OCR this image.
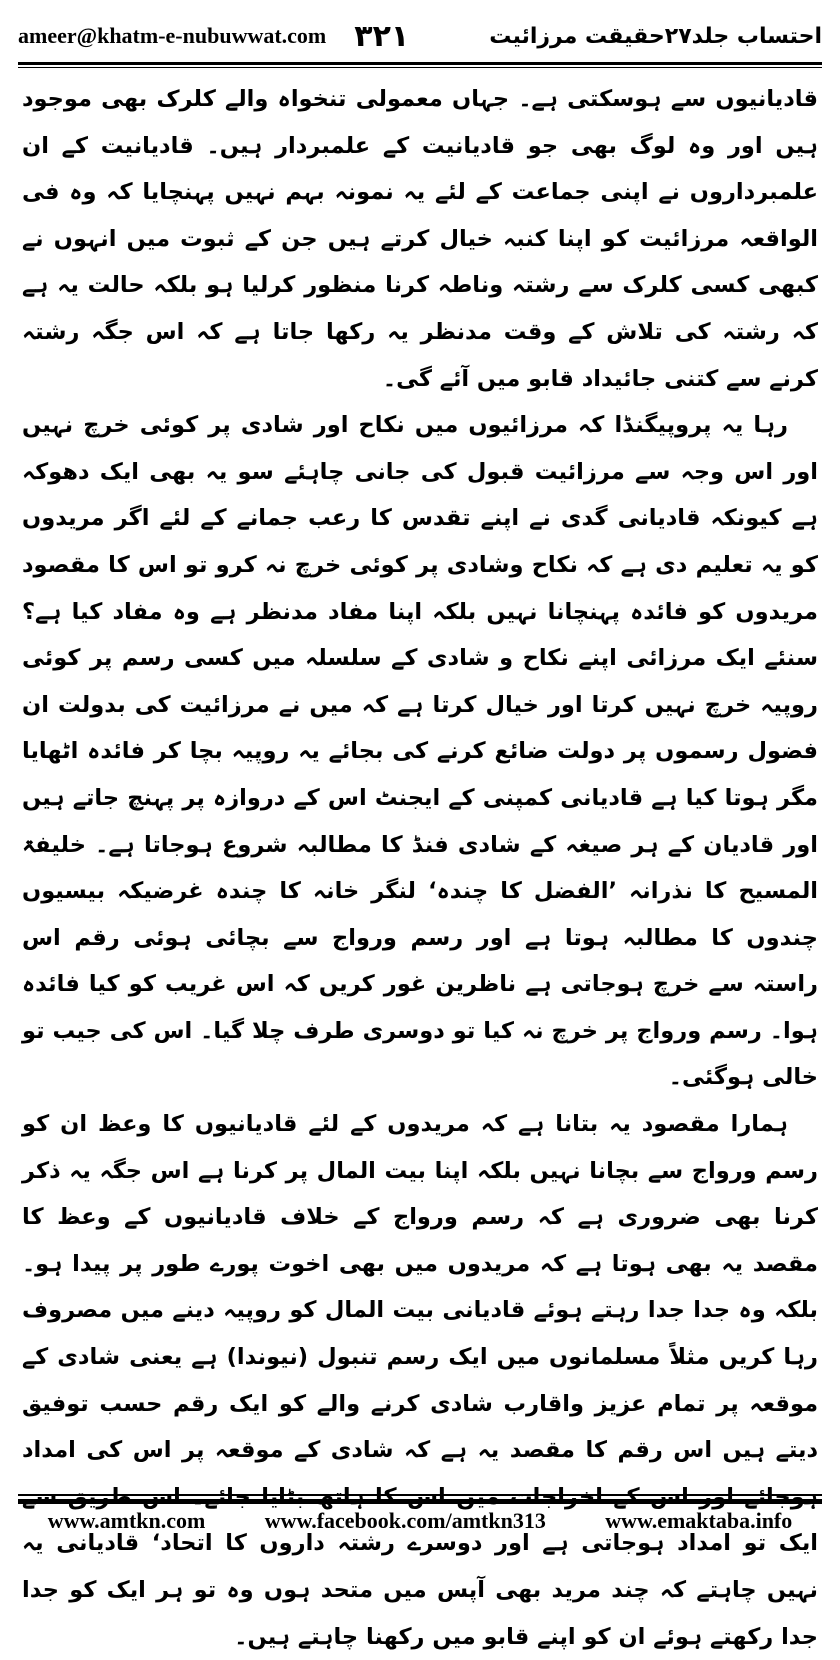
ameer@khatm-e-nubuwwat.com ۳۲۱	احتساب جلد۲۷حقیقت مرزائیت

قادیانیوں سے ہوسکتی ہے۔ جہاں معمولی تنخواہ والے کلرک بھی موجود ہیں اور وہ لوگ بھی جو قادیانیت کے علمبردار ہیں۔ قادیانیت کے ان علمبرداروں نے اپنی جماعت کے لئے یہ نمونہ بہم نہیں پہنچایا کہ وہ فی الواقعہ مرزائیت کو اپنا کنبہ خیال کرتے ہیں جن کے ثبوت میں انہوں نے کبھی کسی کلرک سے رشتہ وناطہ کرنا منظور کرلیا ہو بلکہ حالت یہ ہے کہ رشتہ کی تلاش کے وقت مدنظر یہ رکھا جاتا ہے کہ اس جگہ رشتہ کرنے سے کتنی جائیداد قابو میں آئے گی۔

رہا یہ پروپیگنڈا کہ مرزائیوں میں نکاح اور شادی پر کوئی خرچ نہیں اور اس وجہ سے مرزائیت قبول کی جانی چاہئے سو یہ بھی ایک دھوکہ ہے کیونکہ قادیانی گدی نے اپنے تقدس کا رعب جمانے کے لئے اگر مریدوں کو یہ تعلیم دی ہے کہ نکاح وشادی پر کوئی خرچ نہ کرو تو اس کا مقصود مریدوں کو فائدہ پہنچانا نہیں بلکہ اپنا مفاد مدنظر ہے وہ مفاد کیا ہے؟ سنئے ایک مرزائی اپنے نکاح و شادی کے سلسلہ میں کسی رسم پر کوئی روپیہ خرچ نہیں کرتا اور خیال کرتا ہے کہ میں نے مرزائیت کی بدولت ان فضول رسموں پر دولت ضائع کرنے کی بجائے یہ روپیہ بچا کر فائدہ اٹھایا مگر ہوتا کیا ہے قادیانی کمپنی کے ایجنٹ اس کے دروازہ پر پہنچ جاتے ہیں اور قادیان کے ہر صیغہ کے شادی فنڈ کا مطالبہ شروع ہوجاتا ہے۔ خلیفۃ المسیح کا نذرانہ ’الفضل کا چندہ‘ لنگر خانہ کا چندہ غرضیکہ بیسیوں چندوں کا مطالبہ ہوتا ہے اور رسم ورواج سے بچائی ہوئی رقم اس راستہ سے خرچ ہوجاتی ہے ناظرین غور کریں کہ اس غریب کو کیا فائدہ ہوا۔ رسم ورواج پر خرچ نہ کیا تو دوسری طرف چلا گیا۔ اس کی جیب تو خالی ہوگئی۔

ہمارا مقصود یہ بتانا ہے کہ مریدوں کے لئے قادیانیوں کا وعظ ان کو رسم ورواج سے بچانا نہیں بلکہ اپنا بیت المال پر کرنا ہے اس جگہ یہ ذکر کرنا بھی ضروری ہے کہ رسم ورواج کے خلاف قادیانیوں کے وعظ کا مقصد یہ بھی ہوتا ہے کہ مریدوں میں بھی اخوت پورے طور پر پیدا ہو۔ بلکہ وہ جدا جدا رہتے ہوئے قادیانی بیت المال کو روپیہ دینے میں مصروف رہا کریں مثلاً مسلمانوں میں ایک رسم تنبول (نیوندا) ہے یعنی شادی کے موقعہ پر تمام عزیز واقارب شادی کرنے والے کو ایک رقم حسب توفیق دیتے ہیں اس رقم کا مقصد یہ ہے کہ شادی کے موقعہ پر اس کی امداد ہوجائے اور اس کے اخراجات میں اس کا ہاتھ بٹایا جائے۔ اس طریق سے ایک تو امداد ہوجاتی ہے اور دوسرے رشتہ داروں کا اتحاد‘ قادیانی یہ نہیں چاہتے کہ چند مرید بھی آپس میں متحد ہوں وہ تو ہر ایک کو جدا جدا رکھتے ہوئے ان کو اپنے قابو میں رکھنا چاہتے ہیں۔

www.amtkn.com	www.facebook.com/amtkn313	www.emaktaba.info
